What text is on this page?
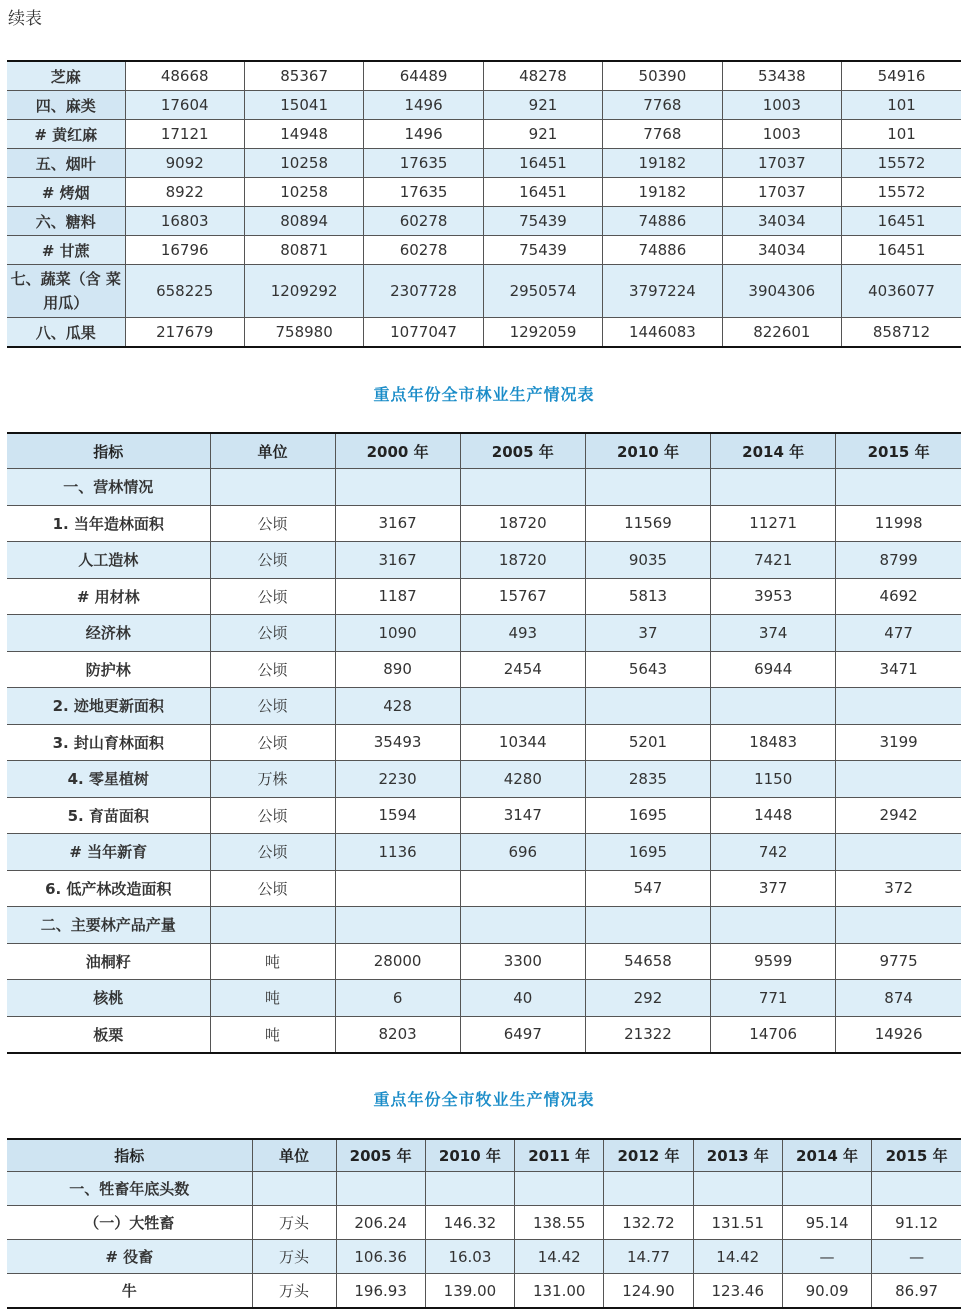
续表
芝麻	48668	85367	64489	48278	50390	53438	54916
四、麻类	17604	15041	1496	921	7768	1003	101
# 黄红麻	17121	14948	1496	921	7768	1003	101
五、烟叶	9092	10258	17635	16451	19182	17037	15572
# 烤烟	8922	10258	17635	16451	19182	17037	15572
六、糖料	16803	80894	60278	75439	74886	34034	16451
# 甘蔗	16796	80871	60278	75439	74886	34034	16451
七、蔬菜（含 菜用瓜）	658225	1209292	2307728	2950574	3797224	3904306	4036077
八、瓜果	217679	758980	1077047	1292059	1446083	822601	858712
重点年份全市林业生产情况表
指标	单位	2000 年	2005 年	2010 年	2014 年	2015 年
一、营林情况						
1. 当年造林面积	公顷	3167	18720	11569	11271	11998
人工造林	公顷	3167	18720	9035	7421	8799
# 用材林	公顷	1187	15767	5813	3953	4692
经济林	公顷	1090	493	37	374	477
防护林	公顷	890	2454	5643	6944	3471
2. 迹地更新面积	公顷	428				
3. 封山育林面积	公顷	35493	10344	5201	18483	3199
4. 零星植树	万株	2230	4280	2835	1150	
5. 育苗面积	公顷	1594	3147	1695	1448	2942
# 当年新育	公顷	1136	696	1695	742	
6. 低产林改造面积	公顷			547	377	372
二、主要林产品产量						
油桐籽	吨	28000	3300	54658	9599	9775
核桃	吨	6	40	292	771	874
板栗	吨	8203	6497	21322	14706	14926
重点年份全市牧业生产情况表
指标	单位	2005 年	2010 年	2011 年	2012 年	2013 年	2014 年	2015 年
一、牲畜年底头数								
（一）大牲畜	万头	206.24	146.32	138.55	132.72	131.51	95.14	91.12
# 役畜	万头	106.36	16.03	14.42	14.77	14.42	—	—
牛	万头	196.93	139.00	131.00	124.90	123.46	90.09	86.97
